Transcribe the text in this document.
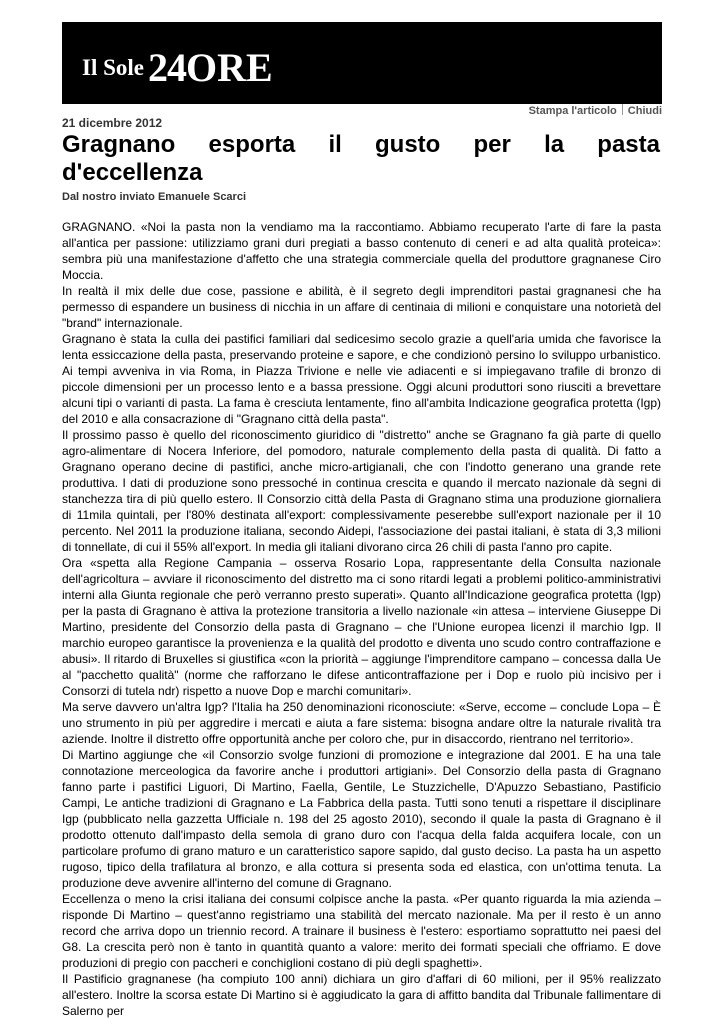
Il Sole 24ORE
Stampa l'articolo Chiudi
21 dicembre 2012
Gragnano esporta il gusto per la pasta
d'eccellenza
Dal nostro inviato Emanuele Scarci

GRAGNANO. «Noi la pasta non la vendiamo ma la raccontiamo. Abbiamo recuperato l'arte di fare la pasta all'antica per passione: utilizziamo grani duri pregiati a basso contenuto di ceneri e ad alta qualità proteica»: sembra più una manifestazione d'affetto che una strategia commerciale quella del produttore gragnanese Ciro Moccia.

In realtà il mix delle due cose, passione e abilità, è il segreto degli imprenditori pastai gragnanesi che ha permesso di espandere un business di nicchia in un affare di centinaia di milioni e conquistare una notorietà del "brand" internazionale.

Gragnano è stata la culla dei pastifici familiari dal sedicesimo secolo grazie a quell'aria umida che favorisce la lenta essiccazione della pasta, preservando proteine e sapore, e che condizionò persino lo sviluppo urbanistico. Ai tempi avveniva in via Roma, in Piazza Trivione e nelle vie adiacenti e si impiegavano trafile di bronzo di piccole dimensioni per un processo lento e a bassa pressione. Oggi alcuni produttori sono riusciti a brevettare alcuni tipi o varianti di pasta. La fama è cresciuta lentamente, fino all'ambita Indicazione geografica protetta (Igp) del 2010 e alla consacrazione di "Gragnano città della pasta".

Il prossimo passo è quello del riconoscimento giuridico di "distretto" anche se Gragnano fa già parte di quello agro-alimentare di Nocera Inferiore, del pomodoro, naturale complemento della pasta di qualità. Di fatto a Gragnano operano decine di pastifici, anche micro-artigianali, che con l'indotto generano una grande rete produttiva. I dati di produzione sono pressoché in continua crescita e quando il mercato nazionale dà segni di stanchezza tira di più quello estero. Il Consorzio città della Pasta di Gragnano stima una produzione giornaliera di 11mila quintali, per l'80% destinata all'export: complessivamente peserebbe sull'export nazionale per il 10 percento. Nel 2011 la produzione italiana, secondo Aidepi, l'associazione dei pastai italiani, è stata di 3,3 milioni di tonnellate, di cui il 55% all'export. In media gli italiani divorano circa 26 chili di pasta l'anno pro capite.

Ora «spetta alla Regione Campania – osserva Rosario Lopa, rappresentante della Consulta nazionale dell'agricoltura – avviare il riconoscimento del distretto ma ci sono ritardi legati a problemi politico-amministrativi interni alla Giunta regionale che però verranno presto superati». Quanto all'Indicazione geografica protetta (Igp) per la pasta di Gragnano è attiva la protezione transitoria a livello nazionale «in attesa – interviene Giuseppe Di Martino, presidente del Consorzio della pasta di Gragnano – che l'Unione europea licenzi il marchio Igp. Il marchio europeo garantisce la provenienza e la qualità del prodotto e diventa uno scudo contro contraffazione e abusi». Il ritardo di Bruxelles si giustifica «con la priorità – aggiunge l'imprenditore campano – concessa dalla Ue al "pacchetto qualità" (norme che rafforzano le difese anticontraffazione per i Dop e ruolo più incisivo per i Consorzi di tutela ndr) rispetto a nuove Dop e marchi comunitari».

Ma serve davvero un'altra Igp? l'Italia ha 250 denominazioni riconosciute: «Serve, eccome – conclude Lopa – È uno strumento in più per aggredire i mercati e aiuta a fare sistema: bisogna andare oltre la naturale rivalità tra aziende. Inoltre il distretto offre opportunità anche per coloro che, pur in disaccordo, rientrano nel territorio».

Di Martino aggiunge che «il Consorzio svolge funzioni di promozione e integrazione dal 2001. E ha una tale connotazione merceologica da favorire anche i produttori artigiani». Del Consorzio della pasta di Gragnano fanno parte i pastifici Liguori, Di Martino, Faella, Gentile, Le Stuzzichelle, D'Apuzzo Sebastiano, Pastificio Campi, Le antiche tradizioni di Gragnano e La Fabbrica della pasta. Tutti sono tenuti a rispettare il disciplinare Igp (pubblicato nella gazzetta Ufficiale n. 198 del 25 agosto 2010), secondo il quale la pasta di Gragnano è il prodotto ottenuto dall'impasto della semola di grano duro con l'acqua della falda acquifera locale, con un particolare profumo di grano maturo e un caratteristico sapore sapido, dal gusto deciso. La pasta ha un aspetto rugoso, tipico della trafilatura al bronzo, e alla cottura si presenta soda ed elastica, con un'ottima tenuta. La produzione deve avvenire all'interno del comune di Gragnano.

Eccellenza o meno la crisi italiana dei consumi colpisce anche la pasta. «Per quanto riguarda la mia azienda – risponde Di Martino – quest'anno registriamo una stabilità del mercato nazionale. Ma per il resto è un anno record che arriva dopo un triennio record. A trainare il business è l'estero: esportiamo soprattutto nei paesi del G8. La crescita però non è tanto in quantità quanto a valore: merito dei formati speciali che offriamo. E dove produzioni di pregio con paccheri e conchiglioni costano di più degli spaghetti».

Il Pastificio gragnanese (ha compiuto 100 anni) dichiara un giro d'affari di 60 milioni, per il 95% realizzato all'estero. Inoltre la scorsa estate Di Martino si è aggiudicato la gara di affitto bandita dal Tribunale fallimentare di Salerno per
